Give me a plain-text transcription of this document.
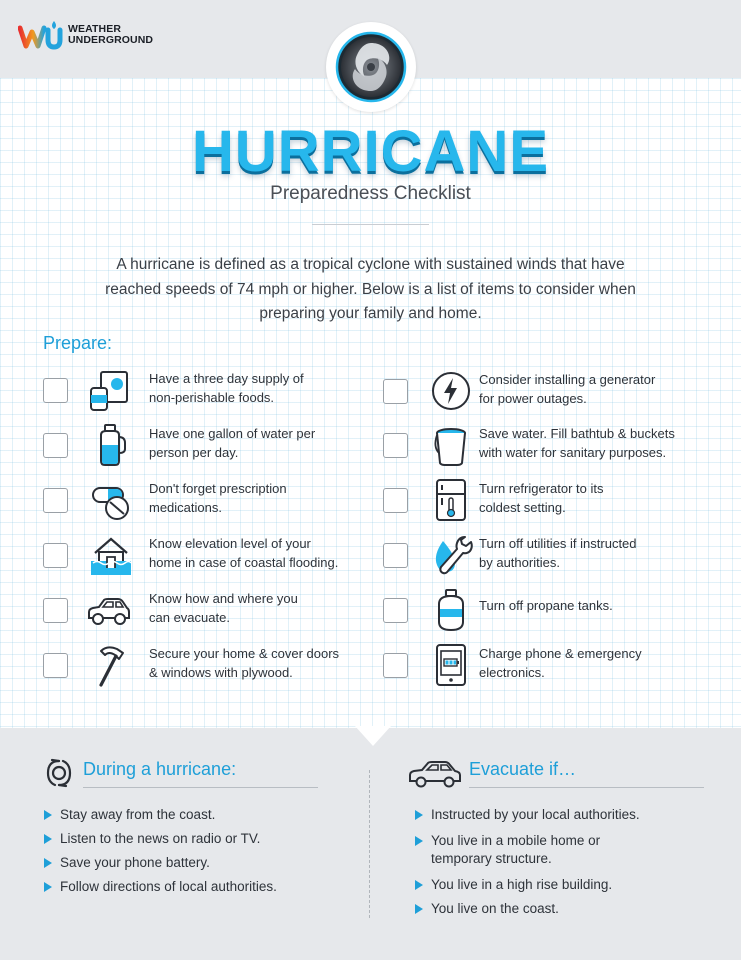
WEATHER
UNDERGROUND
HURRICANE
Preparedness Checklist
A hurricane is defined as a tropical cyclone with sustained winds that have reached speeds of 74 mph or higher. Below is a list of items to consider when preparing your family and home.
Prepare:
Have a three day supply of
non-perishable foods.
Have one gallon of water per
person per day.
Don't forget prescription
medications.
Know elevation level of your
home in case of coastal flooding.
Know how and where you
can evacuate.
Secure your home & cover doors
& windows with plywood.
Consider installing a generator
for power outages.
Save water. Fill bathtub & buckets
with water for sanitary purposes.
Turn refrigerator to its
coldest setting.
Turn off utilities if instructed
by authorities.
Turn off propane tanks.
Charge phone & emergency
electronics.
During a hurricane:
Stay away from the coast.
Listen to the news on radio or TV.
Save your phone battery.
Follow directions of local authorities.
Evacuate if…
Instructed by your local authorities.
You live in a mobile home or
temporary structure.
You live in a high rise building.
You live on the coast.
